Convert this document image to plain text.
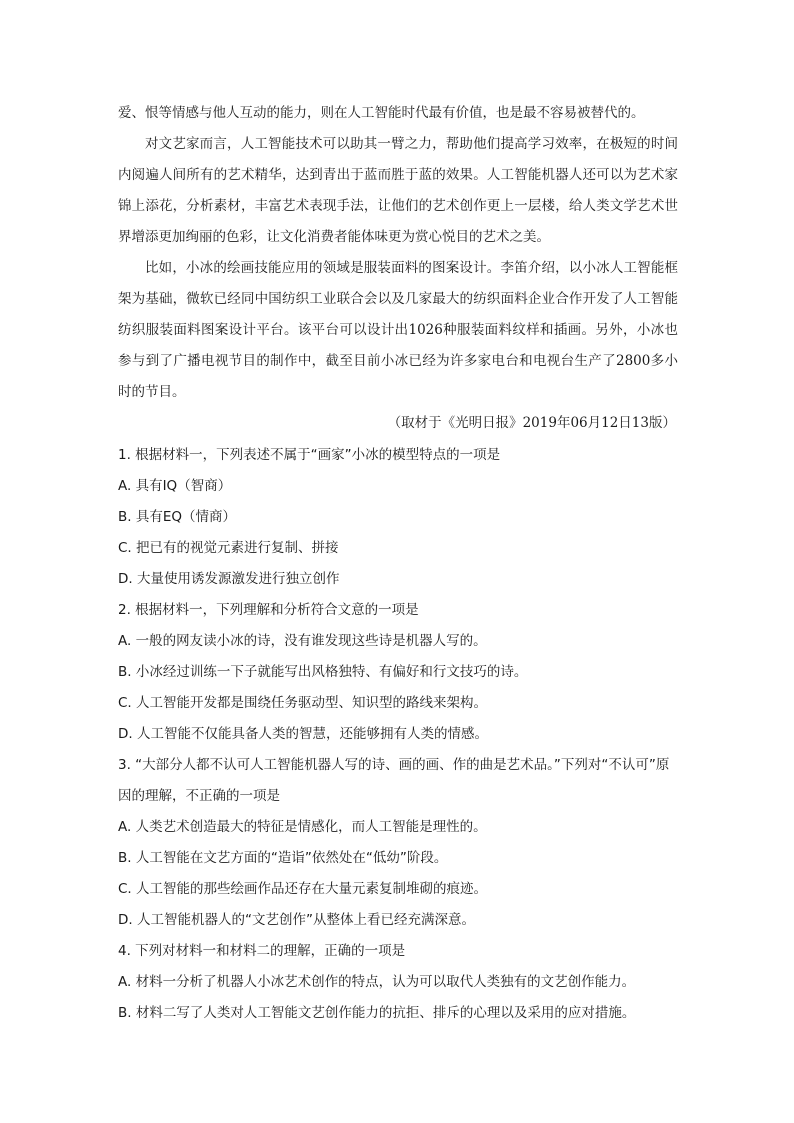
爱、恨等情感与他人互动的能力，则在人工智能时代最有价值，也是最不容易被替代的。

对文艺家而言，人工智能技术可以助其一臂之力，帮助他们提高学习效率，在极短的时间内阅遍人间所有的艺术精华，达到青出于蓝而胜于蓝的效果。人工智能机器人还可以为艺术家锦上添花，分析素材，丰富艺术表现手法，让他们的艺术创作更上一层楼，给人类文学艺术世界增添更加绚丽的色彩，让文化消费者能体味更为赏心悦目的艺术之美。

比如，小冰的绘画技能应用的领域是服装面料的图案设计。李笛介绍，以小冰人工智能框架为基础，微软已经同中国纺织工业联合会以及几家最大的纺织面料企业合作开发了人工智能纺织服装面料图案设计平台。该平台可以设计出1026种服装面料纹样和插画。另外，小冰也参与到了广播电视节目的制作中，截至目前小冰已经为许多家电台和电视台生产了2800多小时的节目。

（取材于《光明日报》2019年06月12日13版）

1. 根据材料一，下列表述不属于“画家”小冰的模型特点的一项是

A. 具有IQ（智商）

B. 具有EQ（情商）

C. 把已有的视觉元素进行复制、拼接

D. 大量使用诱发源激发进行独立创作

2. 根据材料一，下列理解和分析符合文意的一项是

A. 一般的网友读小冰的诗，没有谁发现这些诗是机器人写的。

B. 小冰经过训练一下子就能写出风格独特、有偏好和行文技巧的诗。

C. 人工智能开发都是围绕任务驱动型、知识型的路线来架构。

D. 人工智能不仅能具备人类的智慧，还能够拥有人类的情感。

3. “大部分人都不认可人工智能机器人写的诗、画的画、作的曲是艺术品。”下列对“不认可”原因的理解，不正确的一项是

A. 人类艺术创造最大的特征是情感化，而人工智能是理性的。

B. 人工智能在文艺方面的“造诣”依然处在“低幼”阶段。

C. 人工智能的那些绘画作品还存在大量元素复制堆砌的痕迹。

D. 人工智能机器人的“文艺创作”从整体上看已经充满深意。

4. 下列对材料一和材料二的理解，正确的一项是

A. 材料一分析了机器人小冰艺术创作的特点，认为可以取代人类独有的文艺创作能力。

B. 材料二写了人类对人工智能文艺创作能力的抗拒、排斥的心理以及采用的应对措施。
